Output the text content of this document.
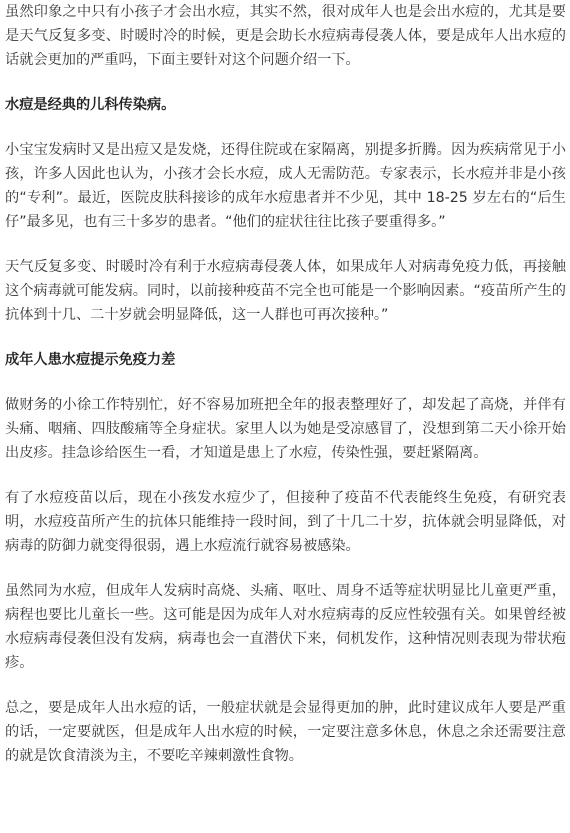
虽然印象之中只有小孩子才会出水痘，其实不然，很对成年人也是会出水痘的，尤其是要是天气反复多变、时暖时冷的时候，更是会助长水痘病毒侵袭人体，要是成年人出水痘的话就会更加的严重吗，下面主要针对这个问题介绍一下。

水痘是经典的儿科传染病。

小宝宝发病时又是出痘又是发烧，还得住院或在家隔离，别提多折腾。因为疾病常见于小孩，许多人因此也认为，小孩才会长水痘，成人无需防范。专家表示，长水痘并非是小孩的“专利”。最近，医院皮肤科接诊的成年水痘患者并不少见，其中 18-25 岁左右的“后生仔”最多见，也有三十多岁的患者。“他们的症状往往比孩子要重得多。”

天气反复多变、时暖时冷有利于水痘病毒侵袭人体，如果成年人对病毒免疫力低，再接触这个病毒就可能发病。同时，以前接种疫苗不完全也可能是一个影响因素。“疫苗所产生的抗体到十几、二十岁就会明显降低，这一人群也可再次接种。”

成年人患水痘提示免疫力差

做财务的小徐工作特别忙，好不容易加班把全年的报表整理好了，却发起了高烧，并伴有头痛、咽痛、四肢酸痛等全身症状。家里人以为她是受凉感冒了，没想到第二天小徐开始出皮疹。挂急诊给医生一看，才知道是患上了水痘，传染性强，要赶紧隔离。

有了水痘疫苗以后，现在小孩发水痘少了，但接种了疫苗不代表能终生免疫，有研究表明，水痘疫苗所产生的抗体只能维持一段时间，到了十几二十岁，抗体就会明显降低，对病毒的防御力就变得很弱，遇上水痘流行就容易被感染。

虽然同为水痘，但成年人发病时高烧、头痛、呕吐、周身不适等症状明显比儿童更严重，病程也要比儿童长一些。这可能是因为成年人对水痘病毒的反应性较强有关。如果曾经被水痘病毒侵袭但没有发病，病毒也会一直潜伏下来，伺机发作，这种情况则表现为带状疱疹。

总之，要是成年人出水痘的话，一般症状就是会显得更加的肿，此时建议成年人要是严重的话，一定要就医，但是成年人出水痘的时候，一定要注意多休息，休息之余还需要注意的就是饮食清淡为主，不要吃辛辣刺激性食物。
